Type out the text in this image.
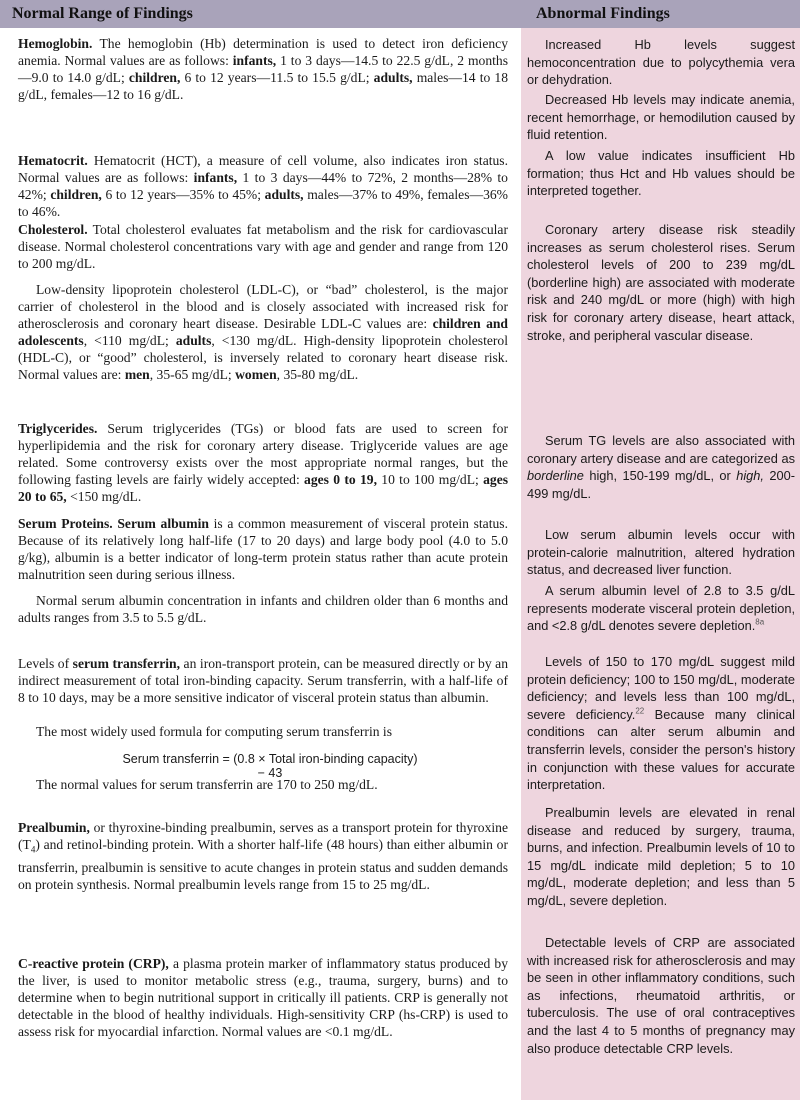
Normal Range of Findings	Abnormal Findings

Hemoglobin. The hemoglobin (Hb) determination is used to detect iron deficiency anemia. Normal values are as follows: infants, 1 to 3 days—14.5 to 22.5 g/dL, 2 months—9.0 to 14.0 g/dL; children, 6 to 12 years—11.5 to 15.5 g/dL; adults, males—14 to 18 g/dL, females—12 to 16 g/dL.

Hematocrit. Hematocrit (HCT), a measure of cell volume, also indicates iron status. Normal values are as follows: infants, 1 to 3 days—44% to 72%, 2 months—28% to 42%; children, 6 to 12 years—35% to 45%; adults, males—37% to 49%, females—36% to 46%.

Cholesterol. Total cholesterol evaluates fat metabolism and the risk for cardiovascular disease. Normal cholesterol concentrations vary with age and gender and range from 120 to 200 mg/dL.

Low-density lipoprotein cholesterol (LDL-C), or “bad” cholesterol, is the major carrier of cholesterol in the blood and is closely associated with increased risk for atherosclerosis and coronary heart disease. Desirable LDL-C values are: children and adolescents, <110 mg/dL; adults, <130 mg/dL. High-density lipoprotein cholesterol (HDL-C), or “good” cholesterol, is inversely related to coronary heart disease risk. Normal values are: men, 35-65 mg/dL; women, 35-80 mg/dL.

Triglycerides. Serum triglycerides (TGs) or blood fats are used to screen for hyperlipidemia and the risk for coronary artery disease. Triglyceride values are age related. Some controversy exists over the most appropriate normal ranges, but the following fasting levels are fairly widely accepted: ages 0 to 19, 10 to 100 mg/dL; ages 20 to 65, <150 mg/dL.

Serum Proteins. Serum albumin is a common measurement of visceral protein status. Because of its relatively long half-life (17 to 20 days) and large body pool (4.0 to 5.0 g/kg), albumin is a better indicator of long-term protein status rather than acute protein malnutrition seen during serious illness.

Normal serum albumin concentration in infants and children older than 6 months and adults ranges from 3.5 to 5.5 g/dL.

Levels of serum transferrin, an iron-transport protein, can be measured directly or by an indirect measurement of total iron-binding capacity. Serum transferrin, with a half-life of 8 to 10 days, may be a more sensitive indicator of visceral protein status than albumin.

The most widely used formula for computing serum transferrin is

Serum transferrin = (0.8 × Total iron-binding capacity) − 43

The normal values for serum transferrin are 170 to 250 mg/dL.

Prealbumin, or thyroxine-binding prealbumin, serves as a transport protein for thyroxine $(T_4)$ and retinol-binding protein. With a shorter half-life (48 hours) than either albumin or transferrin, prealbumin is sensitive to acute changes in protein status and sudden demands on protein synthesis. Normal prealbumin levels range from 15 to 25 mg/dL.

C-reactive protein (CRP), a plasma protein marker of inflammatory status produced by the liver, is used to monitor metabolic stress (e.g., trauma, surgery, burns) and to determine when to begin nutritional support in critically ill patients. CRP is generally not detectable in the blood of healthy individuals. High-sensitivity CRP (hs-CRP) is used to assess risk for myocardial infarction. Normal values are <0.1 mg/dL.

Increased Hb levels suggest hemoconcentration due to polycythemia vera or dehydration.

Decreased Hb levels may indicate anemia, recent hemorrhage, or hemodilution caused by fluid retention.

A low value indicates insufficient Hb formation; thus Hct and Hb values should be interpreted together.

Coronary artery disease risk steadily increases as serum cholesterol rises. Serum cholesterol levels of 200 to 239 mg/dL (borderline high) are associated with moderate risk and 240 mg/dL or more (high) with high risk for coronary artery disease, heart attack, stroke, and peripheral vascular disease.

Serum TG levels are also associated with coronary artery disease and are categorized as borderline high, 150-199 mg/dL, or high, 200-499 mg/dL.

Low serum albumin levels occur with protein-calorie malnutrition, altered hydration status, and decreased liver function.

A serum albumin level of 2.8 to 3.5 g/dL represents moderate visceral protein depletion, and <2.8 g/dL denotes severe depletion.$^{8a}$

Levels of 150 to 170 mg/dL suggest mild protein deficiency; 100 to 150 mg/dL, moderate deficiency; and levels less than 100 mg/dL, severe deficiency.$^{22}$ Because many clinical conditions can alter serum albumin and transferrin levels, consider the person's history in conjunction with these values for accurate interpretation.

Prealbumin levels are elevated in renal disease and reduced by surgery, trauma, burns, and infection. Prealbumin levels of 10 to 15 mg/dL indicate mild depletion; 5 to 10 mg/dL, moderate depletion; and less than 5 mg/dL, severe depletion.

Detectable levels of CRP are associated with increased risk for atherosclerosis and may be seen in other inflammatory conditions, such as infections, rheumatoid arthritis, or tuberculosis. The use of oral contraceptives and the last 4 to 5 months of pregnancy may also produce detectable CRP levels.
